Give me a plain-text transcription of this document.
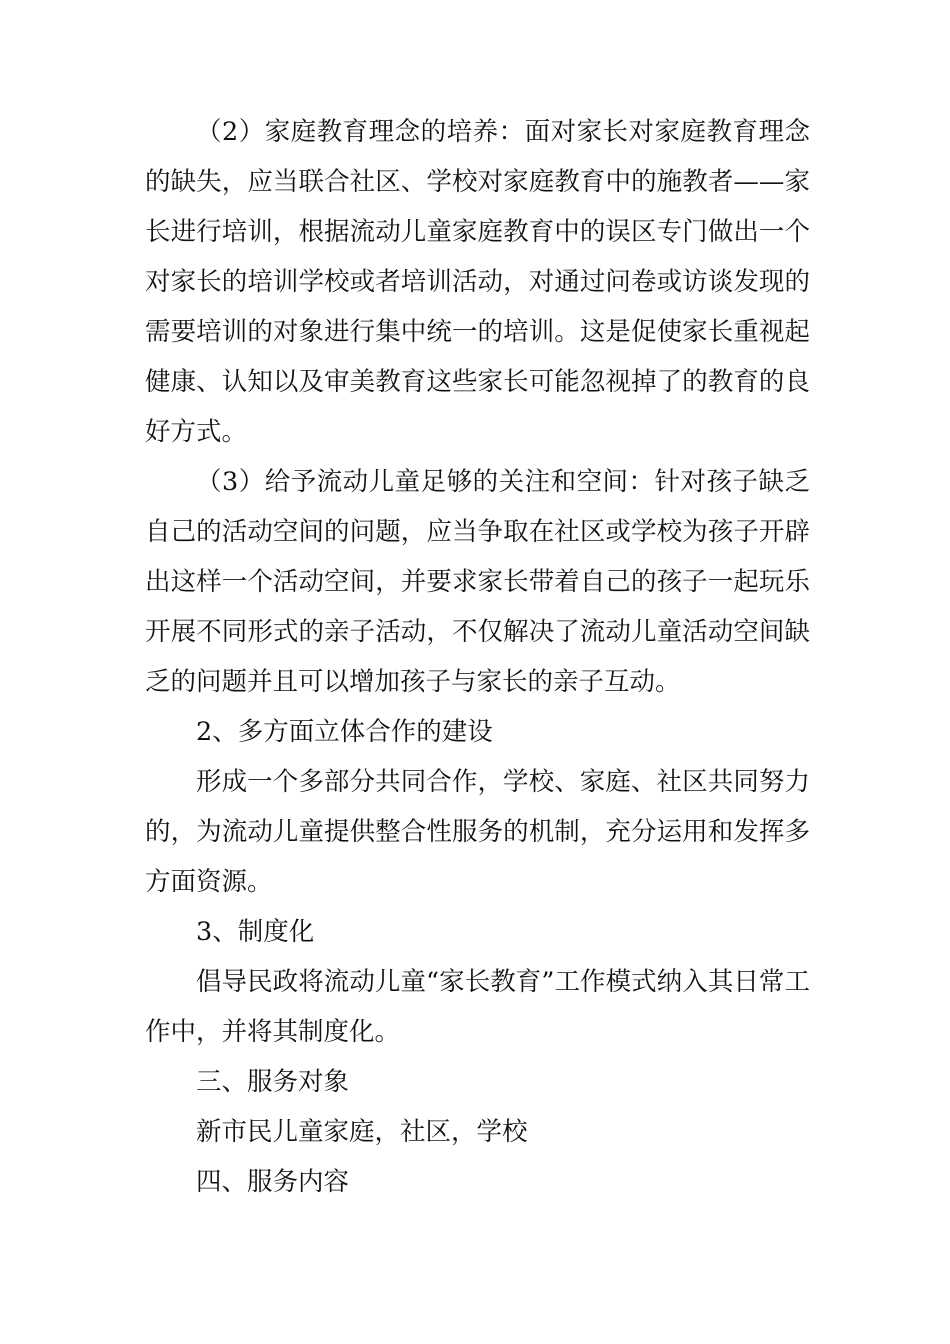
（2）家庭教育理念的培养：面对家长对家庭教育理念的缺失，应当联合社区、学校对家庭教育中的施教者——家长进行培训，根据流动儿童家庭教育中的误区专门做出一个对家长的培训学校或者培训活动，对通过问卷或访谈发现的需要培训的对象进行集中统一的培训。这是促使家长重视起健康、认知以及审美教育这些家长可能忽视掉了的教育的良好方式。

（3）给予流动儿童足够的关注和空间：针对孩子缺乏自己的活动空间的问题，应当争取在社区或学校为孩子开辟出这样一个活动空间，并要求家长带着自己的孩子一起玩乐开展不同形式的亲子活动，不仅解决了流动儿童活动空间缺乏的问题并且可以增加孩子与家长的亲子互动。

2、多方面立体合作的建设

形成一个多部分共同合作，学校、家庭、社区共同努力的，为流动儿童提供整合性服务的机制，充分运用和发挥多方面资源。

3、制度化

倡导民政将流动儿童“家长教育”工作模式纳入其日常工作中，并将其制度化。

三、服务对象

新市民儿童家庭，社区，学校

四、服务内容
